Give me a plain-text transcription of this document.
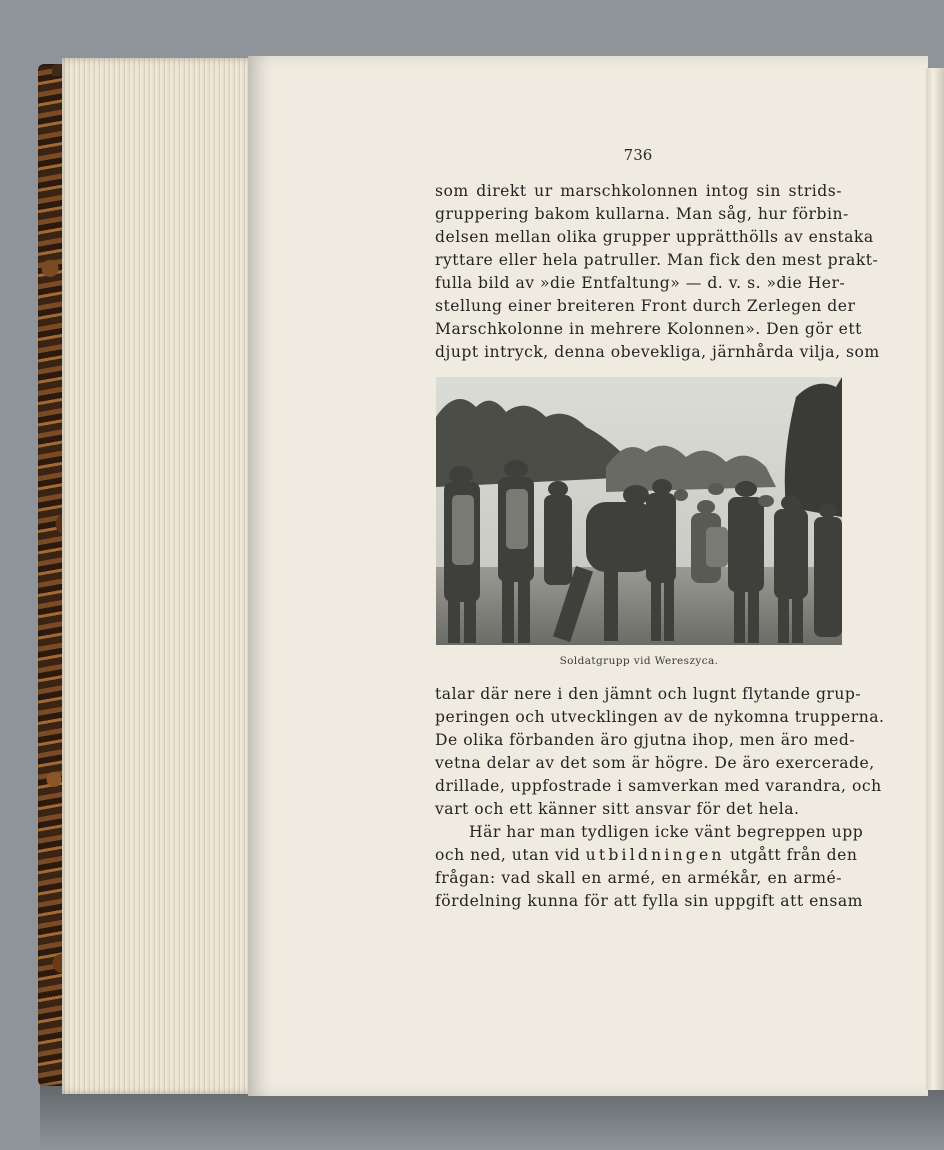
736
som direkt ur marschkolonnen intog sin strids-
gruppering bakom kullarna. Man såg, hur förbin-
delsen mellan olika grupper upprätthölls av enstaka
ryttare eller hela patruller. Man fick den mest prakt-
fulla bild av »die Entfaltung» — d. v. s. »die Her-
stellung einer breiteren Front durch Zerlegen der
Marschkolonne in mehrere Kolonnen». Den gör ett
djupt intryck, denna obevekliga, järnhårda vilja, som
Soldatgrupp vid Wereszyca.
talar där nere i den jämnt och lugnt flytande grup-
peringen och utvecklingen av de nykomna trupperna.
De olika förbanden äro gjutna ihop, men äro med-
vetna delar av det som är högre. De äro exercerade,
drillade, uppfostrade i samverkan med varandra, och
vart och ett känner sitt ansvar för det hela.
Här har man tydligen icke vänt begreppen upp
och ned, utan vid utbildningen utgått från den
frågan: vad skall en armé, en armékår, en armé-
fördelning kunna för att fylla sin uppgift att ensam
